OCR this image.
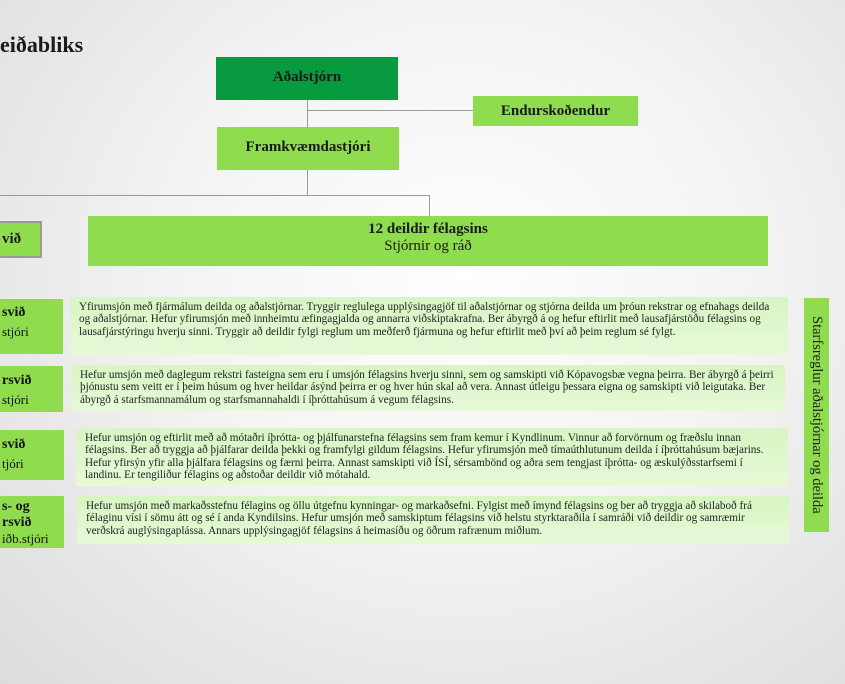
eiðabliks
Aðalstjórn
Endurskoðendur
Framkvæmdastjóri
við
12 deildir félagsins
Stjórnir og ráð
svið
stjóri
Yfirumsjón með fjármálum deilda og aðalstjórnar. Tryggir reglulega upplýsingagjöf til aðalstjórnar og stjórna deilda um þróun rekstrar og efnahags deilda og aðalstjórnar. Hefur yfirumsjón með innheimtu æfingagjalda og annarra viðskiptakrafna. Ber ábyrgð á og hefur eftirlit með lausafjárstöðu félagsins og lausafjárstýringu hverju sinni. Tryggir að deildir fylgi reglum um meðferð fjármuna og hefur eftirlit með því að þeim reglum sé fylgt.
rsvið
stjóri
Hefur umsjón með daglegum rekstri fasteigna sem eru í umsjón félagsins hverju sinni, sem og samskipti við Kópavogsbæ vegna þeirra. Ber ábyrgð á þeirri þjónustu sem veitt er í þeim húsum og hver heildar ásýnd þeirra er og hver hún skal að vera. Annast útleigu þessara eigna og samskipti við leigutaka. Ber ábyrgð á starfsmannamálum og starfsmannahaldi í íþróttahúsum á vegum félagsins.
svið
tjóri
Hefur umsjón og eftirlit með að mótaðri íþrótta- og þjálfunarstefna félagsins sem fram kemur í Kyndlinum. Vinnur að forvörnum og fræðslu innan félagsins. Ber að tryggja að þjálfarar deilda þekki og framfylgi gildum félagsins. Hefur yfirumsjón með tímaúthlutunum deilda í íþróttahúsum bæjarins. Hefur yfirsýn yfir alla þjálfara félagsins og færni þeirra. Annast samskipti við ÍSÍ, sérsambönd og aðra sem tengjast íþrótta- og æskulýðsstarfsemi í landinu. Er tengiliður félagins og aðstoðar deildir við mótahald.
s- og
rsvið
iðb.stjóri
Hefur umsjón með markaðsstefnu félagins og öllu útgefnu kynningar- og markaðsefni. Fylgist með ímynd félagsins og ber að tryggja að skilaboð frá félaginu vísi í sömu átt og sé í anda Kyndilsins. Hefur umsjón með samskiptum félagsins við helstu styrktaraðila í samráði við deildir og samræmir verðskrá auglýsingaplássa. Annars upplýsingagjöf félagsins á heimasíðu og öðrum rafrænum miðlum.
Starfsreglur aðalstjórnar og deilda
